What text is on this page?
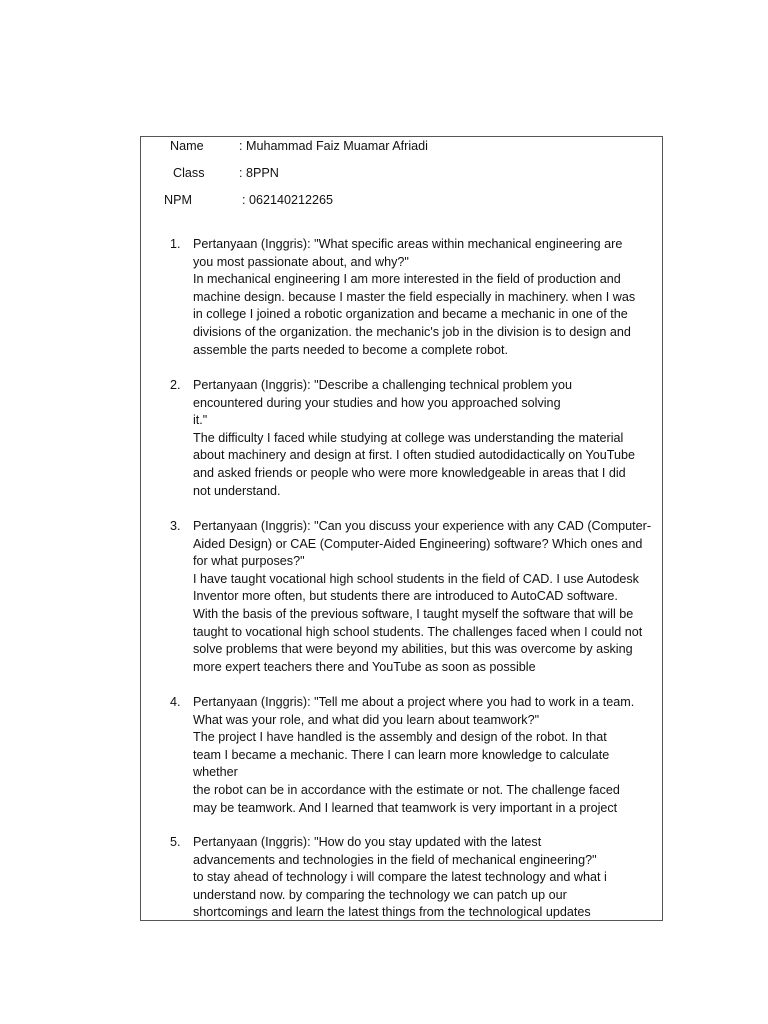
Name	: Muhammad Faiz Muamar Afriadi
Class	: 8PPN
NPM	: 062140212265
1. Pertanyaan (Inggris): "What specific areas within mechanical engineering are
you most passionate about, and why?"
In mechanical engineering I am more interested in the field of production and
machine design. because I master the field especially in machinery. when I was
in college I joined a robotic organization and became a mechanic in one of the
divisions of the organization. the mechanic's job in the division is to design and
assemble the parts needed to become a complete robot.
2. Pertanyaan (Inggris): "Describe a challenging technical problem you
encountered during your studies and how you approached solving
it."
The difficulty I faced while studying at college was understanding the material
about machinery and design at first. I often studied autodidactically on YouTube
and asked friends or people who were more knowledgeable in areas that I did
not understand.
3. Pertanyaan (Inggris): "Can you discuss your experience with any CAD (Computer-
Aided Design) or CAE (Computer-Aided Engineering) software? Which ones and
for what purposes?"
I have taught vocational high school students in the field of CAD. I use Autodesk
Inventor more often, but students there are introduced to AutoCAD software.
With the basis of the previous software, I taught myself the software that will be
taught to vocational high school students. The challenges faced when I could not
solve problems that were beyond my abilities, but this was overcome by asking
more expert teachers there and YouTube as soon as possible
4. Pertanyaan (Inggris): "Tell me about a project where you had to work in a team.
What was your role, and what did you learn about teamwork?"
The project I have handled is the assembly and design of the robot. In that
team I became a mechanic. There I can learn more knowledge to calculate
whether
the robot can be in accordance with the estimate or not. The challenge faced
may be teamwork. And I learned that teamwork is very important in a project
5. Pertanyaan (Inggris): "How do you stay updated with the latest
advancements and technologies in the field of mechanical engineering?"
to stay ahead of technology i will compare the latest technology and what i
understand now. by comparing the technology we can patch up our
shortcomings and learn the latest things from the technological updates
